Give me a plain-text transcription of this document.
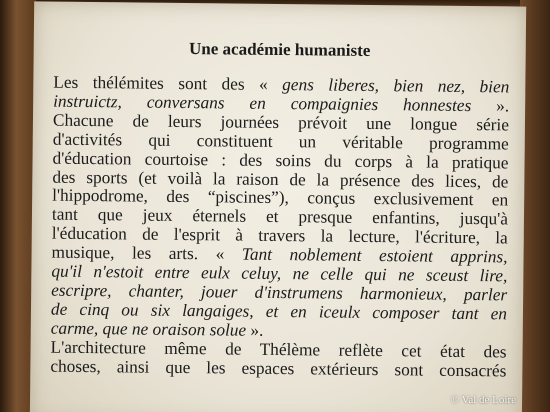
Une académie humaniste
Les thélémites sont des « gens liberes, bien nez, bien
instruictz, conversans en compaignies honnestes ».
Chacune de leurs journées prévoit une longue série
d'activités qui constituent un véritable programme
d'éducation courtoise : des soins du corps à la pratique
des sports (et voilà la raison de la présence des lices, de
l'hippodrome, des “piscines”), conçus exclusivement en
tant que jeux éternels et presque enfantins, jusqu'à
l'éducation de l'esprit à travers la lecture, l'écriture, la
musique, les arts. « Tant noblement estoient apprins,
qu'il n'estoit entre eulx celuy, ne celle qui ne sceust lire,
escripre, chanter, jouer d'instrumens harmonieux, parler
de cinq ou six langaiges, et en iceulx composer tant en
carme, que ne oraison solue ».
L'architecture même de Thélème reflète cet état des
choses, ainsi que les espaces extérieurs sont consacrés
© Val de Loire
